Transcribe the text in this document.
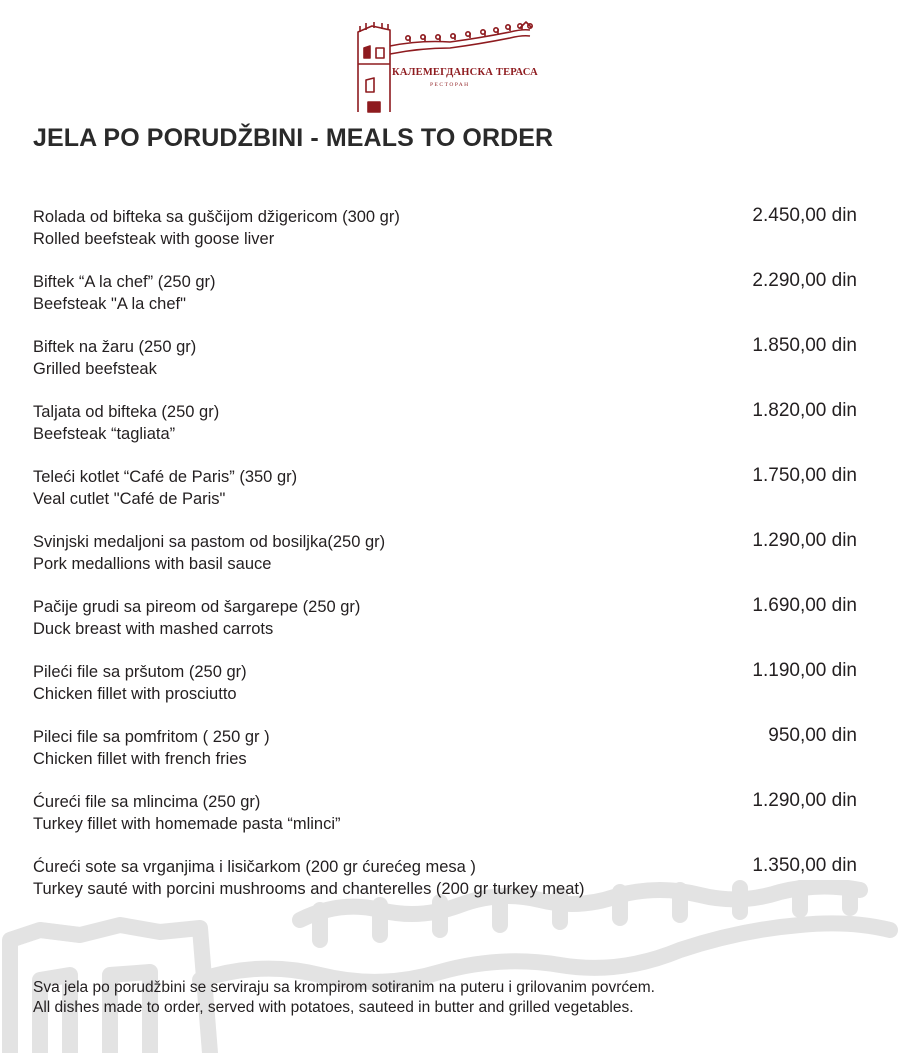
КАЛЕМЕГДАНСКА ТЕРАСА
РЕСТОРАН
JELA PO PORUDŽBINI - MEALS TO ORDER
Rolada od bifteka sa guščijom džigericom (300 gr)
Rolled beefsteak with goose liver
2.450,00 din
Biftek “A la chef” (250 gr)
Beefsteak "A la chef"
2.290,00 din
Biftek na žaru (250 gr)
Grilled beefsteak
1.850,00 din
Taljata od bifteka (250 gr)
Beefsteak “tagliata”
1.820,00 din
Teleći kotlet “Café de Paris” (350 gr)
Veal cutlet "Café de Paris"
1.750,00 din
Svinjski medaljoni sa pastom od bosiljka(250 gr)
Pork medallions with basil sauce
1.290,00 din
Pačije grudi sa pireom od šargarepe (250 gr)
Duck breast with mashed carrots
1.690,00 din
Pileći file sa pršutom (250 gr)
Chicken fillet with prosciutto
1.190,00 din
Pileci file sa pomfritom ( 250 gr )
Chicken fillet with french fries
950,00 din
Ćureći file sa mlincima (250 gr)
Turkey fillet with homemade pasta “mlinci”
1.290,00 din
Ćureći sote sa vrganjima i lisičarkom (200 gr ćurećeg mesa )
Turkey sauté with porcini mushrooms and chanterelles (200 gr turkey meat)
1.350,00 din
Sva jela po porudžbini se serviraju sa krompirom sotiranim na puteru i grilovanim povrćem.
All dishes made to order, served with potatoes, sauteed in butter and grilled vegetables.
